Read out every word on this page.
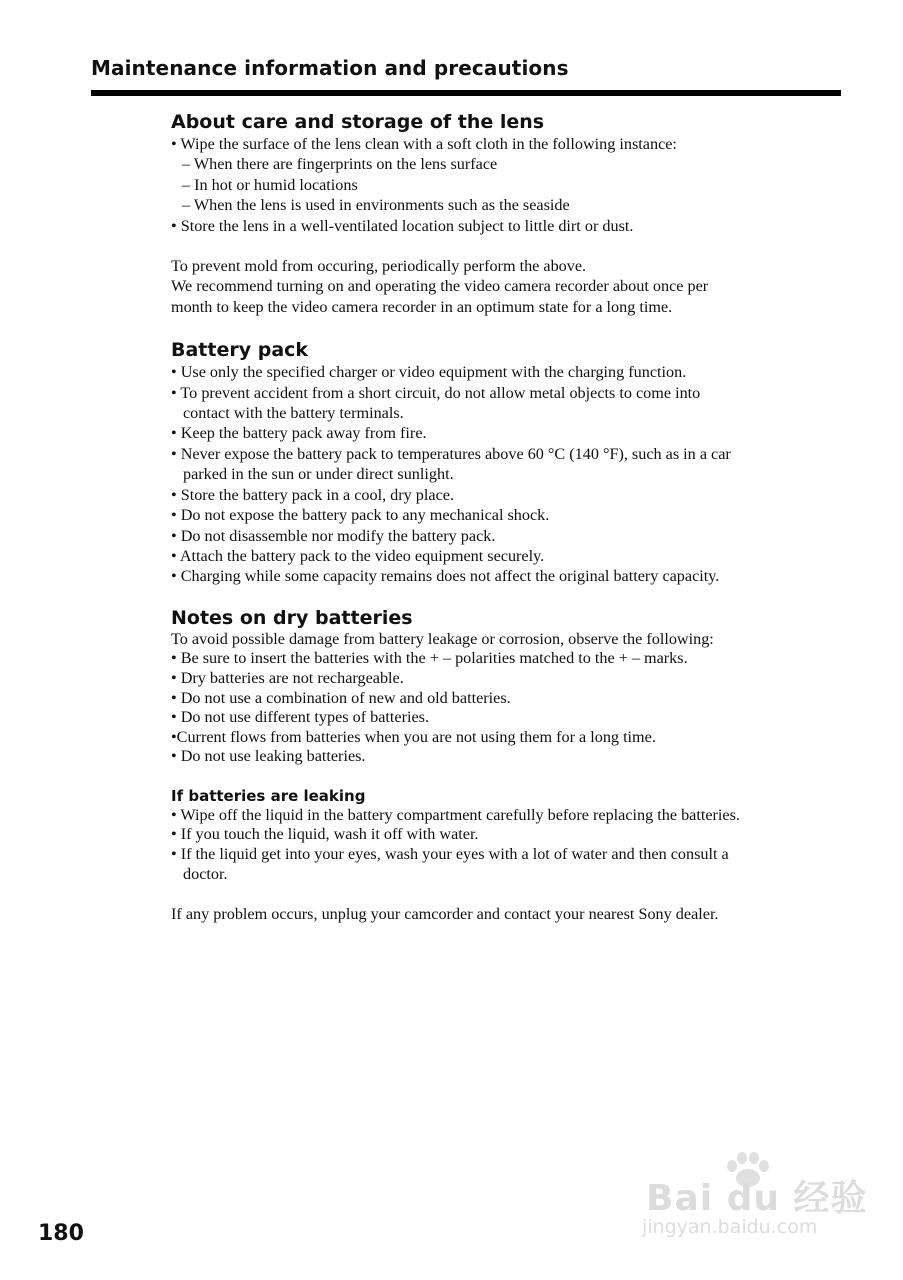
Maintenance information and precautions
About care and storage of the lens
• Wipe the surface of the lens clean with a soft cloth in the following instance:
– When there are fingerprints on the lens surface
– In hot or humid locations
– When the lens is used in environments such as the seaside
• Store the lens in a well-ventilated location subject to little dirt or dust.

To prevent mold from occuring, periodically perform the above.

We recommend turning on and operating the video camera recorder about once per

month to keep the video camera recorder in an optimum state for a long time.

Battery pack
• Use only the specified charger or video equipment with the charging function.
• To prevent accident from a short circuit, do not allow metal objects to come into
contact with the battery terminals.
• Keep the battery pack away from fire.
• Never expose the battery pack to temperatures above 60 °C (140 °F), such as in a car
parked in the sun or under direct sunlight.
• Store the battery pack in a cool, dry place.
• Do not expose the battery pack to any mechanical shock.
• Do not disassemble nor modify the battery pack.
• Attach the battery pack to the video equipment securely.
• Charging while some capacity remains does not affect the original battery capacity.
Notes on dry batteries

To avoid possible damage from battery leakage or corrosion, observe the following:

• Be sure to insert the batteries with the + – polarities matched to the + – marks.
• Dry batteries are not rechargeable.
• Do not use a combination of new and old batteries.
• Do not use different types of batteries.
•Current flows from batteries when you are not using them for a long time.
• Do not use leaking batteries.
If batteries are leaking
• Wipe off the liquid in the battery compartment carefully before replacing the batteries.
• If you touch the liquid, wash it off with water.
• If the liquid get into your eyes, wash your eyes with a lot of water and then consult a
doctor.

If any problem occurs, unplug your camcorder and contact your nearest Sony dealer.

180
Bai du 经验
jingyan.baidu.com
